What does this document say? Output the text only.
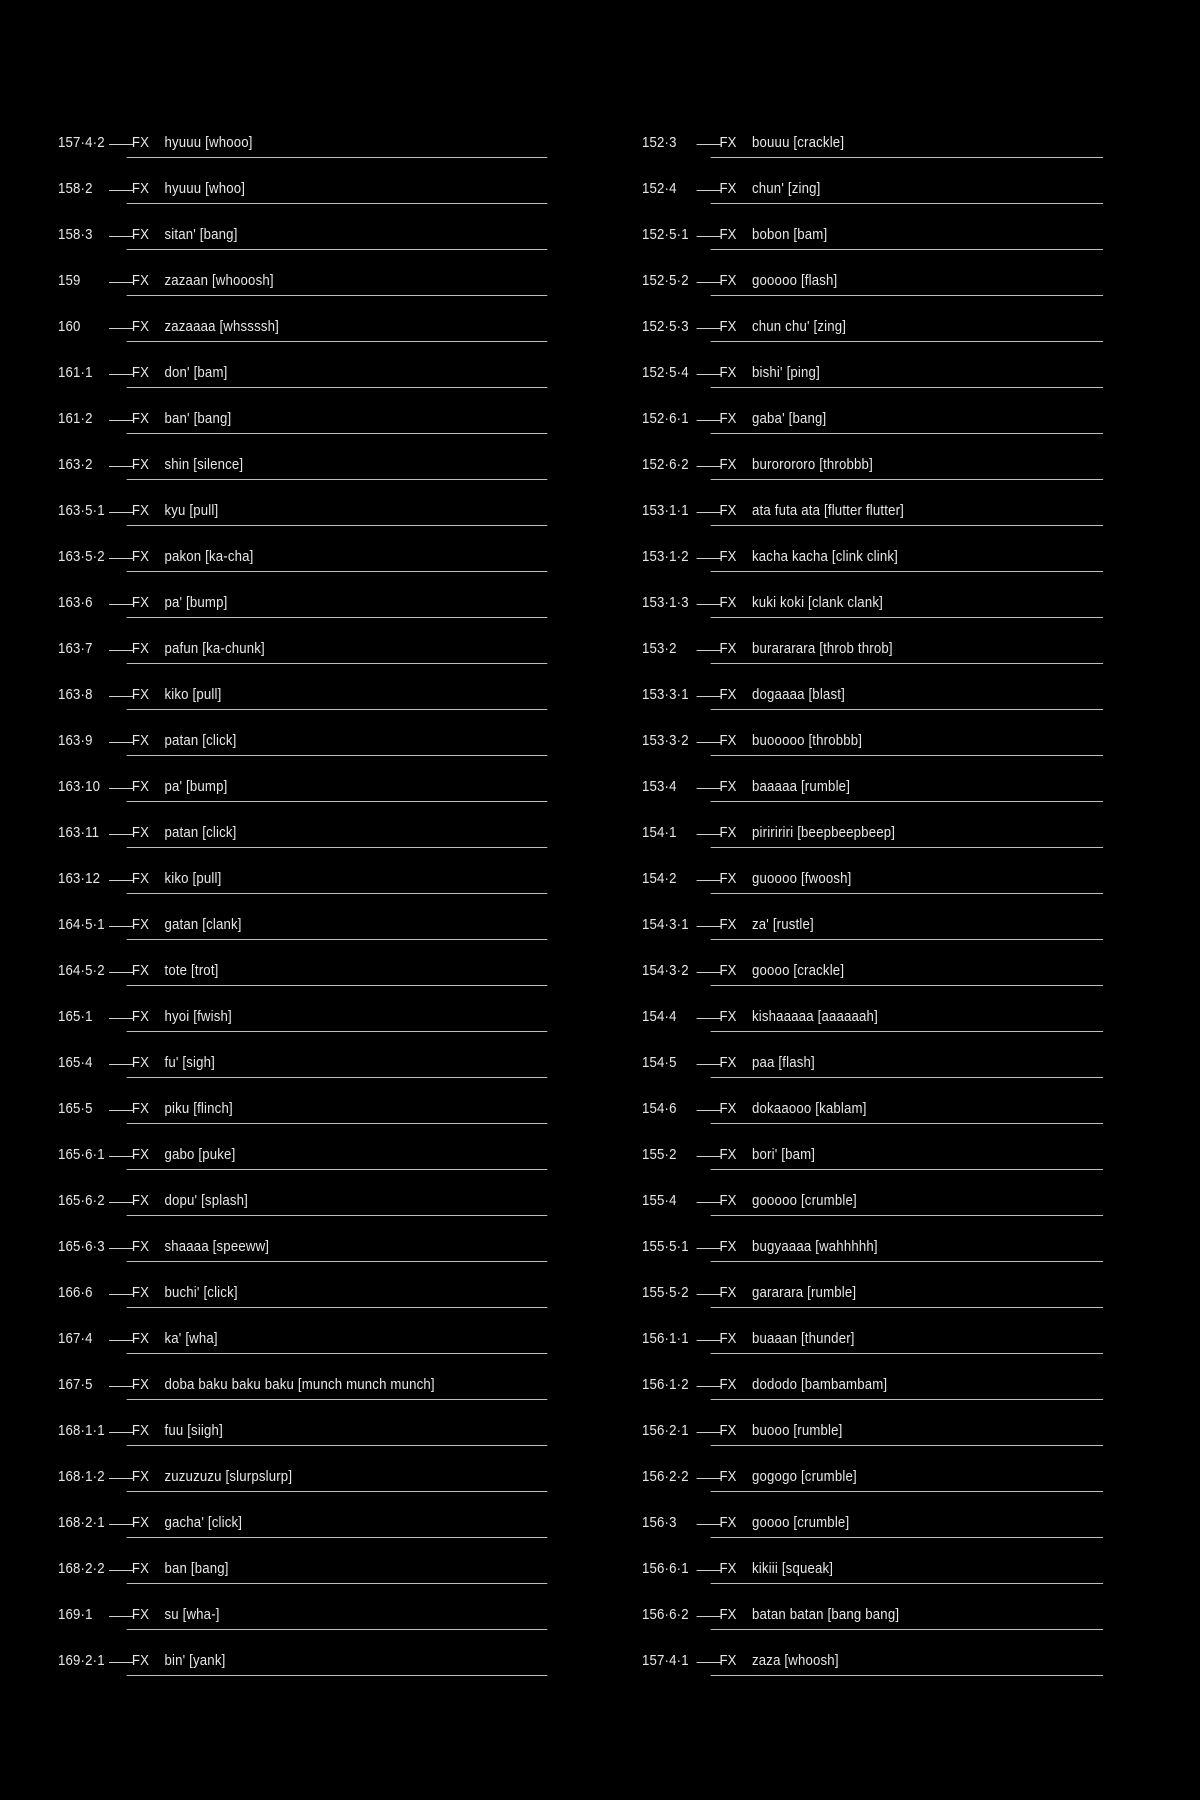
157·4·2 FX hyuuu [whooo]
158·2	FX hyuuu [whoo]
158·3	FX sitan' [bang]
159	FX zazaan [whooosh]
160	FX zazaaaa [whssssh]
161·1	FX don' [bam]
161·2	FX ban' [bang]
163·2	FX shin [silence]
163·5·1 FX kyu [pull]
163·5·2 FX pakon [ka-cha]
163·6	FX pa' [bump]
163·7	FX pafun [ka-chunk]
163·8	FX kiko [pull]
163·9	FX patan [click]
163·10 FX pa' [bump]
163·11 FX patan [click]
163·12 FX kiko [pull]
164·5·1 FX gatan [clank]
164·5·2 FX tote [trot]
165·1	FX hyoi [fwish]
165·4	FX fu' [sigh]
165·5	FX piku [flinch]
165·6·1 FX gabo [puke]
165·6·2 FX dopu' [splash]
165·6·3 FX shaaaa [speeww]
166·6	FX buchi' [click]
167·4	FX ka' [wha]
167·5	FX doba baku baku baku [munch munch munch]
168·1·1 FX fuu [siigh]
168·1·2 FX zuzuzuzu [slurpslurp]
168·2·1 FX gacha' [click]
168·2·2 FX ban [bang]
169·1	FX su [wha-]
169·2·1 FX bin' [yank]
152·3	FX bouuu [crackle]
152·4	FX chun' [zing]
152·5·1 FX bobon [bam]
152·5·2 FX gooooo [flash]
152·5·3 FX chun chu' [zing]
152·5·4 FX bishi' [ping]
152·6·1 FX gaba' [bang]
152·6·2 FX burorororo [throbbb]
153·1·1 FX ata futa ata [flutter flutter]
153·1·2 FX kacha kacha [clink clink]
153·1·3 FX kuki koki [clank clank]
153·2	FX burararara [throb throb]
153·3·1 FX dogaaaa [blast]
153·3·2 FX buooooo [throbbb]
153·4	FX baaaaa [rumble]
154·1	FX piriririri [beepbeepbeep]
154·2	FX guoooo [fwoosh]
154·3·1 FX za' [rustle]
154·3·2 FX goooo [crackle]
154·4	FX kishaaaaa [aaaaaah]
154·5	FX paa [flash]
154·6	FX dokaaooo [kablam]
155·2	FX bori' [bam]
155·4	FX gooooo [crumble]
155·5·1 FX bugyaaaa [wahhhhh]
155·5·2 FX gararara [rumble]
156·1·1 FX buaaan [thunder]
156·1·2 FX dododo [bambambam]
156·2·1 FX buooo [rumble]
156·2·2 FX gogogo [crumble]
156·3	FX goooo [crumble]
156·6·1 FX kikiii [squeak]
156·6·2 FX batan batan [bang bang]
157·4·1 FX zaza [whoosh]
